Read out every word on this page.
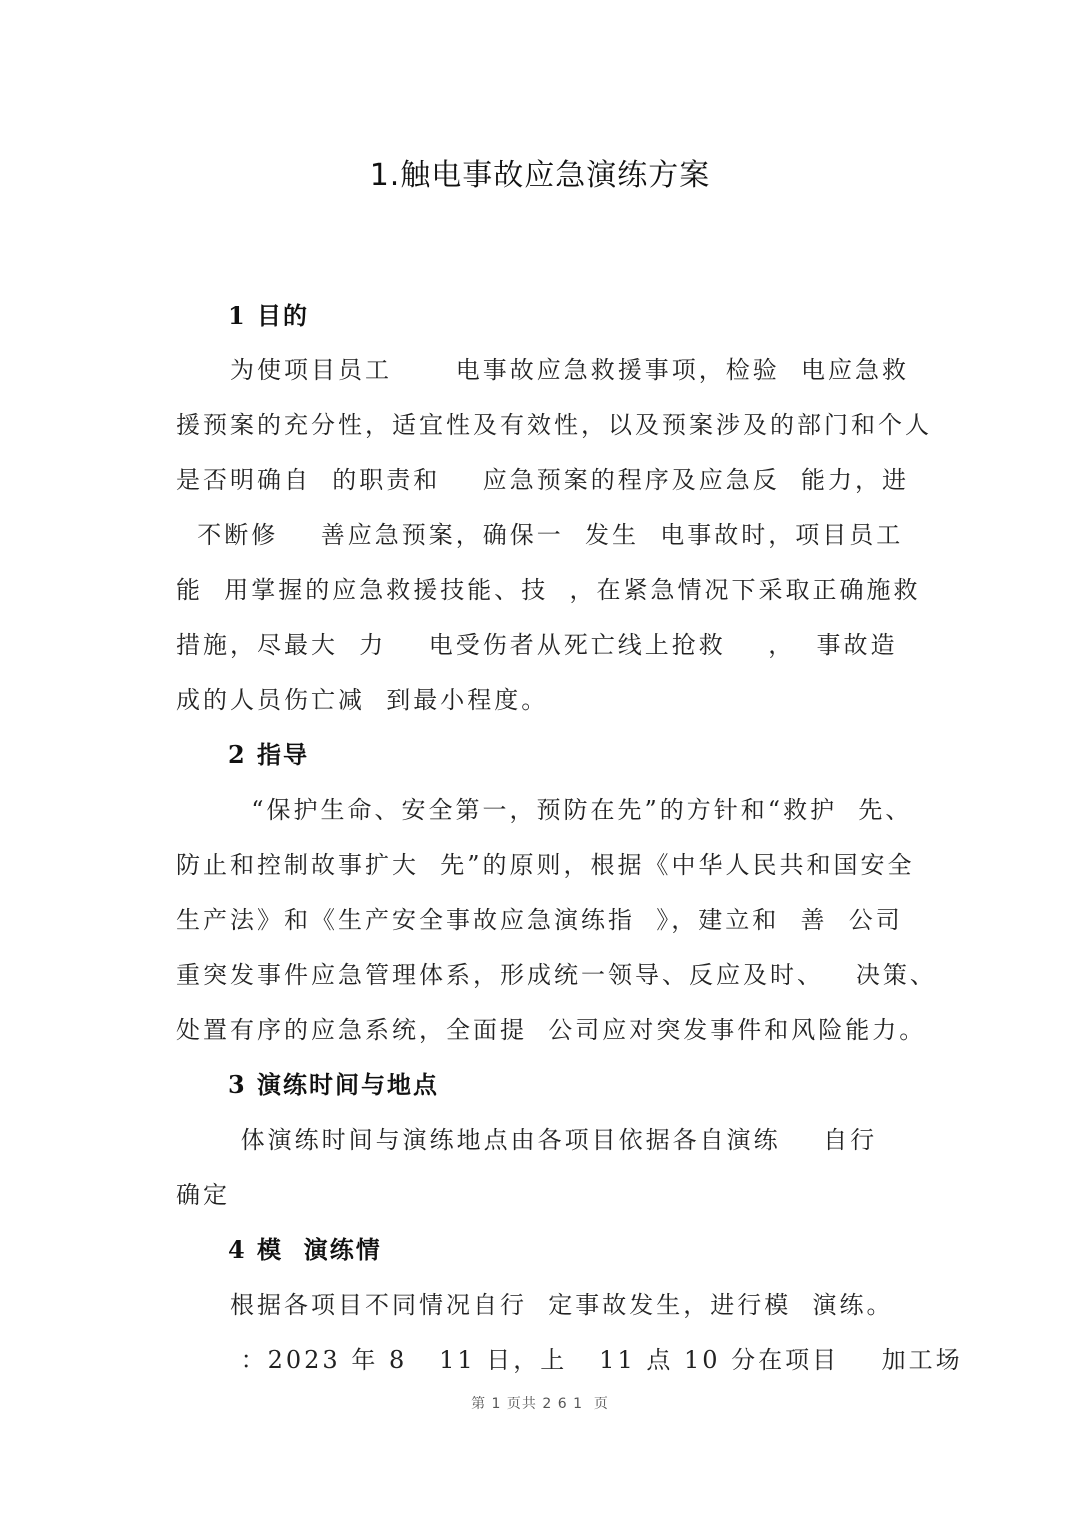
1.触电事故应急演练方案
1 目的
为使项目员工      电事故应急救援事项，检验  电应急救
援预案的充分性，适宜性及有效性，以及预案涉及的部门和个人
是否明确自  的职责和    应急预案的程序及应急反  能力，进
不断修    善应急预案，确保一  发生  电事故时，项目员工
能  用掌握的应急救援技能、技  ，在紧急情况下采取正确施救
措施，尽最大  力    电受伤者从死亡线上抢救    ，  事故造
成的人员伤亡减  到最小程度。
2 指导
“保护生命、安全第一，预防在先”的方针和“救护  先、
防止和控制故事扩大  先”的原则，根据《中华人民共和国安全
生产法》和《生产安全事故应急演练指  》，建立和  善  公司
重突发事件应急管理体系，形成统一领导、反应及时、   决策、
处置有序的应急系统，全面提  公司应对突发事件和风险能力。
3 演练时间与地点
体演练时间与演练地点由各项目依据各自演练    自行
确定
4 模  演练情
根据各项目不同情况自行  定事故发生，进行模  演练。
：2023 年 8   11 日，上   11 点 10 分在项目    加工场
第 1 页共 2 6 1  页
